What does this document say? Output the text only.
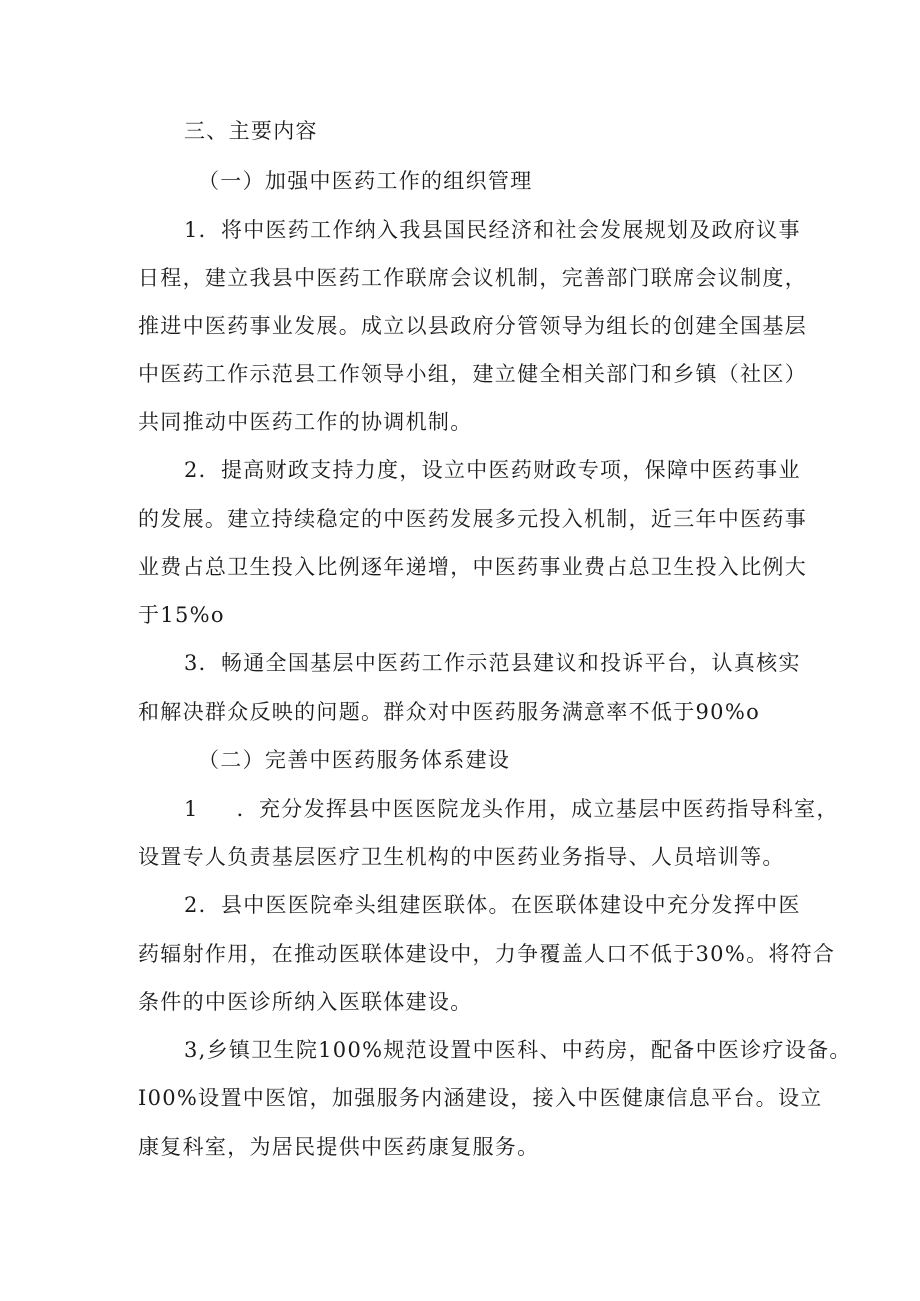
三、主要内容
（一）加强中医药工作的组织管理
1．将中医药工作纳入我县国民经济和社会发展规划及政府议事
日程，建立我县中医药工作联席会议机制，完善部门联席会议制度，
推进中医药事业发展。成立以县政府分管领导为组长的创建全国基层
中医药工作示范县工作领导小组，建立健全相关部门和乡镇（社区）
共同推动中医药工作的协调机制。
2．提高财政支持力度，设立中医药财政专项，保障中医药事业
的发展。建立持续稳定的中医药发展多元投入机制，近三年中医药事
业费占总卫生投入比例逐年递增，中医药事业费占总卫生投入比例大
于15%o
3．畅通全国基层中医药工作示范县建议和投诉平台，认真核实
和解决群众反映的问题。群众对中医药服务满意率不低于90%o
（二）完善中医药服务体系建设
1 ．充分发挥县中医医院龙头作用，成立基层中医药指导科室，
设置专人负责基层医疗卫生机构的中医药业务指导、人员培训等。
2．县中医医院牵头组建医联体。在医联体建设中充分发挥中医
药辐射作用，在推动医联体建设中，力争覆盖人口不低于30%。将符合
条件的中医诊所纳入医联体建设。
3,乡镇卫生院100%规范设置中医科、中药房，配备中医诊疗设备。
I00%设置中医馆，加强服务内涵建设，接入中医健康信息平台。设立
康复科室，为居民提供中医药康复服务。
